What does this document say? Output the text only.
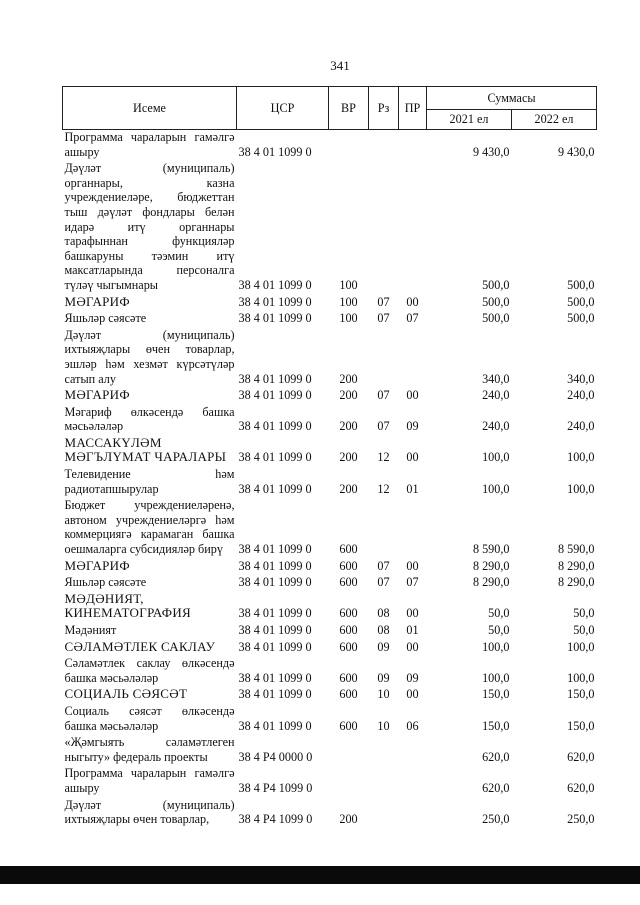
341
Исеме	ЦСР	ВР	Рз	ПР	Суммасы	
					2021 ел	2022 ел
Программа чараларын гамәлгә ашыру	38 4 01 1099 0				9 430,0	9 430,0
Дәүләт (муниципаль) органнары, казна учреждениеләре, бюджеттан тыш дәүләт фондлары белән идарә итү органнары тарафыннан функцияләр башкаруны тәэмин итү максатларында персоналга түләү чыгымнары	38 4 01 1099 0	100			500,0	500,0
МӘГАРИФ	38 4 01 1099 0	100	07	00	500,0	500,0
Яшьләр сәясәте	38 4 01 1099 0	100	07	07	500,0	500,0
Дәүләт (муниципаль) ихтыяҗлары өчен товарлар, эшләр һәм хезмәт күрсәтүләр сатып алу	38 4 01 1099 0	200			340,0	340,0
МӘГАРИФ	38 4 01 1099 0	200	07	00	240,0	240,0
Мәгариф өлкәсендә башка мәсьәләләр	38 4 01 1099 0	200	07	09	240,0	240,0
МАССАКҮЛӘМ МӘГЪЛҮМАТ ЧАРАЛАРЫ	38 4 01 1099 0	200	12	00	100,0	100,0
Телевидение һәм радиотапшырулар	38 4 01 1099 0	200	12	01	100,0	100,0
Бюджет учреждениеләренә, автоном учреждениеләргә һәм коммерциягә карамаган башка оешмаларга субсидияләр бирү	38 4 01 1099 0	600			8 590,0	8 590,0
МӘГАРИФ	38 4 01 1099 0	600	07	00	8 290,0	8 290,0
Яшьләр сәясәте	38 4 01 1099 0	600	07	07	8 290,0	8 290,0
МӘДӘНИЯТ, КИНЕМАТОГРАФИЯ	38 4 01 1099 0	600	08	00	50,0	50,0
Мәдәният	38 4 01 1099 0	600	08	01	50,0	50,0
СӘЛАМӘТЛЕК САКЛАУ	38 4 01 1099 0	600	09	00	100,0	100,0
Сәламәтлек саклау өлкәсендә башка мәсьәләләр	38 4 01 1099 0	600	09	09	100,0	100,0
СОЦИАЛЬ СӘЯСӘТ	38 4 01 1099 0	600	10	00	150,0	150,0
Социаль сәясәт өлкәсендә башка мәсьәләләр	38 4 01 1099 0	600	10	06	150,0	150,0
«Җәмгыять сәламәтлеген ныгыту» федераль проекты	38 4 P4 0000 0				620,0	620,0
Программа чараларын гамәлгә ашыру	38 4 P4 1099 0				620,0	620,0
Дәүләт (муниципаль) ихтыяҗлары өчен товарлар,	38 4 P4 1099 0	200			250,0	250,0
